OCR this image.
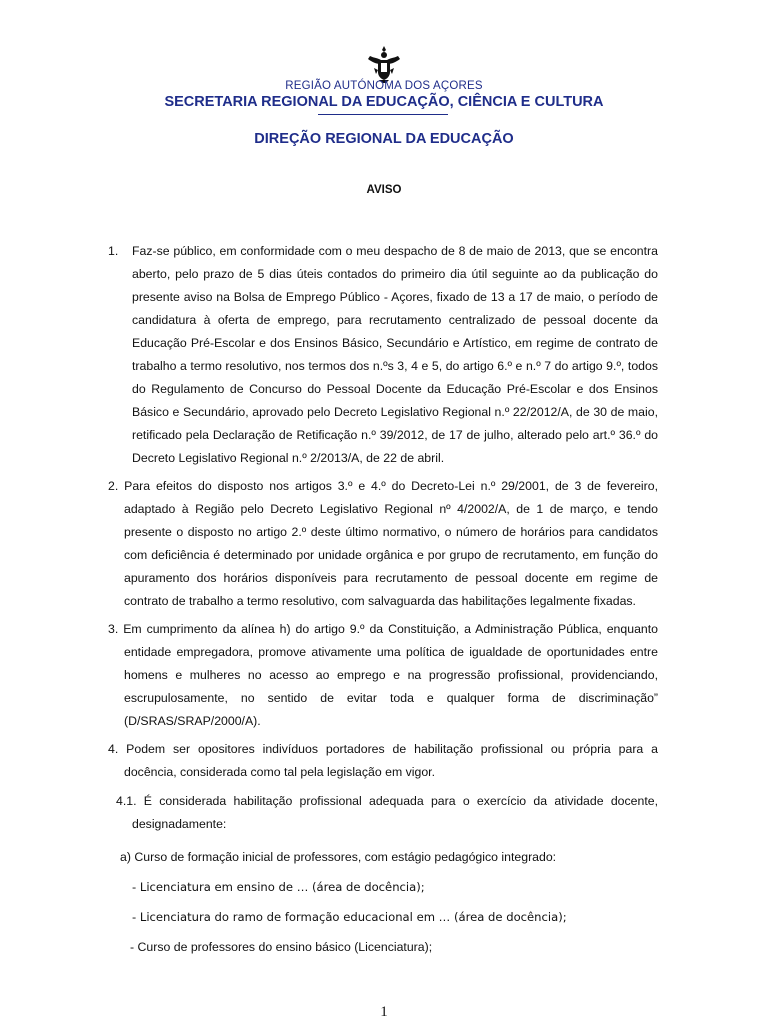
REGIÃO AUTÓNOMA DOS AÇORES
SECRETARIA REGIONAL DA EDUCAÇÃO, CIÊNCIA E CULTURA
DIREÇÃO REGIONAL DA EDUCAÇÃO
AVISO
1. Faz-se público, em conformidade com o meu despacho de 8 de maio de 2013, que se encontra aberto, pelo prazo de 5 dias úteis contados do primeiro dia útil seguinte ao da publicação do presente aviso na Bolsa de Emprego Público - Açores, fixado de 13 a 17 de maio, o período de candidatura à oferta de emprego, para recrutamento centralizado de pessoal docente da Educação Pré-Escolar e dos Ensinos Básico, Secundário e Artístico, em regime de contrato de trabalho a termo resolutivo, nos termos dos n.ºs 3, 4 e 5, do artigo 6.º e n.º 7 do artigo 9.º, todos do Regulamento de Concurso do Pessoal Docente da Educação Pré-Escolar e dos Ensinos Básico e Secundário, aprovado pelo Decreto Legislativo Regional n.º 22/2012/A, de 30 de maio, retificado pela Declaração de Retificação n.º 39/2012, de 17 de julho, alterado pelo art.º 36.º do Decreto Legislativo Regional n.º 2/2013/A, de 22 de abril.
2. Para efeitos do disposto nos artigos 3.º e 4.º do Decreto-Lei n.º 29/2001, de 3 de fevereiro, adaptado à Região pelo Decreto Legislativo Regional nº 4/2002/A, de 1 de março, e tendo presente o disposto no artigo 2.º deste último normativo, o número de horários para candidatos com deficiência é determinado por unidade orgânica e por grupo de recrutamento, em função do apuramento dos horários disponíveis para recrutamento de pessoal docente em regime de contrato de trabalho a termo resolutivo, com salvaguarda das habilitações legalmente fixadas.
3. Em cumprimento da alínea h) do artigo 9.º da Constituição, a Administração Pública, enquanto entidade empregadora, promove ativamente uma política de igualdade de oportunidades entre homens e mulheres no acesso ao emprego e na progressão profissional, providenciando, escrupulosamente, no sentido de evitar toda e qualquer forma de discriminação” (D/SRAS/SRAP/2000/A).
4. Podem ser opositores indivíduos portadores de habilitação profissional ou própria para a docência, considerada como tal pela legislação em vigor.
4.1. É considerada habilitação profissional adequada para o exercício da atividade docente, designadamente:
a) Curso de formação inicial de professores, com estágio pedagógico integrado:
- Licenciatura em ensino de … (área de docência);
- Licenciatura do ramo de formação educacional em … (área de docência);
- Curso de professores do ensino básico (Licenciatura);
1
